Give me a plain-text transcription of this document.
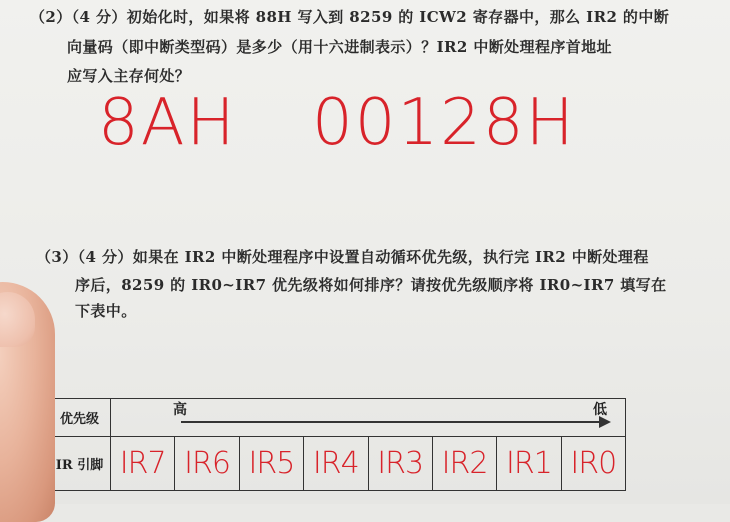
（2）（4 分）初始化时，如果将 88H 写入到 8259 的 ICW2 寄存器中，那么 IR2 的中断
向量码（即中断类型码）是多少（用十六进制表示）？IR2 中断处理程序首地址
应写入主存何处？
8AH 00128H
（3）（4 分）如果在 IR2 中断处理程序中设置自动循环优先级，执行完 IR2 中断处理程
序后，8259 的 IR0~IR7 优先级将如何排序？请按优先级顺序将 IR0~IR7 填写在
下表中。
优先级	高 低							

IR 引脚	IR7	IR6	IR5	IR4	IR3	IR2	IR1	IR0
